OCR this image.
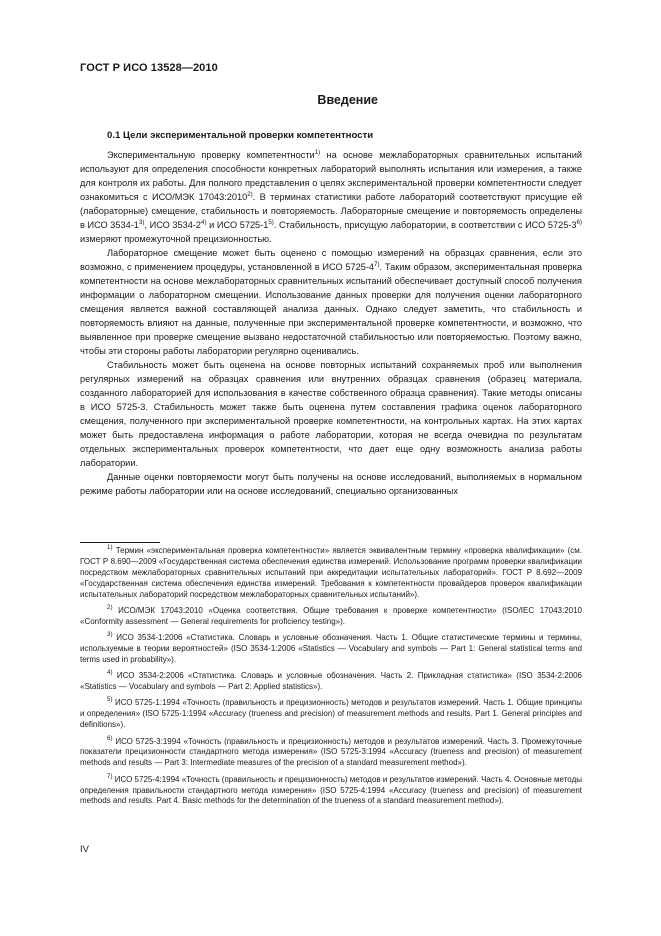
ГОСТ Р ИСО 13528—2010
Введение
0.1 Цели экспериментальной проверки компетентности

Экспериментальную проверку компетентности$^{1)}$ на основе межлабораторных сравнительных испытаний используют для определения способности конкретных лабораторий выполнять испытания или измерения, а также для контроля их работы. Для полного представления о целях экспериментальной проверки компетентности следует ознакомиться с ИСО/МЭК 17043:2010$^{2)}$. В терминах статистики работе лабораторий соответствуют присущие ей (лабораторные) смещение, стабильность и повторяемость. Лабораторные смещение и повторяемость определены в ИСО 3534-1$^{3)}$, ИСО 3534-2$^{4)}$ и ИСО 5725-1$^{5)}$. Стабильность, присущую лаборатории, в соответствии с ИСО 5725-3$^{6)}$ измеряют промежуточной прецизионностью.

Лабораторное смещение может быть оценено с помощью измерений на образцах сравнения, если это возможно, с применением процедуры, установленной в ИСО 5725-4$^{7)}$. Таким образом, экспериментальная проверка компетентности на основе межлабораторных сравнительных испытаний обеспечивает доступный способ получения информации о лабораторном смещении. Использование данных проверки для получения оценки лабораторного смещения является важной составляющей анализа данных. Однако следует заметить, что стабильность и повторяемость влияют на данные, полученные при экспериментальной проверке компетентности, и возможно, что выявленное при проверке смещение вызвано недостаточной стабильностью или повторяемостью. Поэтому важно, чтобы эти стороны работы лаборатории регулярно оценивались.

Стабильность может быть оценена на основе повторных испытаний сохраняемых проб или выполнения регулярных измерений на образцах сравнения или внутренних образцах сравнения (образец материала, созданного лабораторией для использования в качестве собственного образца сравнения). Такие методы описаны в ИСО 5725-3. Стабильность может также быть оценена путем составления графика оценок лабораторного смещения, полученного при экспериментальной проверке компетентности, на контрольных картах. На этих картах может быть предоставлена информация о работе лаборатории, которая не всегда очевидна по результатам отдельных экспериментальных проверок компетентности, что дает еще одну возможность анализа работы лаборатории.

Данные оценки повторяемости могут быть получены на основе исследований, выполняемых в нормальном режиме работы лаборатории или на основе исследований, специально организованных

$^{1)}$ Термин «экспериментальная проверка компетентности» является эквивалентным термину «проверка квалификации» (см. ГОСТ Р 8.690—2009 «Государственная система обеспечения единства измерений. Использование программ проверки квалификации посредством межлабораторных сравнительных испытаний при аккредитации испытательных лабораторий». ГОСТ Р 8.692—2009 «Государственная система обеспечения единства измерений. Требования к компетентности провайдеров проверок квалификации испытательных лабораторий посредством межлабораторных сравнительных испытаний»).

$^{2)}$ ИСО/МЭК 17043:2010 «Оценка соответствия. Общие требования к проверке компетентности» (ISO/IEC 17043:2010 «Conformity assessment — General requirements for proficiency testing»).

$^{3)}$ ИСО 3534-1:2006 «Статистика. Словарь и условные обозначения. Часть 1. Общие статистические термины и термины, используемые в теории вероятностей» (ISO 3534-1:2006 «Statistics — Vocabulary and symbols — Part 1: General statistical terms and terms used in probability»).

$^{4)}$ ИСО 3534-2:2006 «Статистика. Словарь и условные обозначения. Часть 2. Прикладная статистика» (ISO 3534-2:2006 «Statistics — Vocabulary and symbols — Part 2: Applied statistics»).

$^{5)}$ ИСО 5725-1:1994 «Точность (правильность и прецизионность) методов и результатов измерений. Часть 1. Общие принципы и определения» (ISO 5725-1:1994 «Accuracy (trueness and precision) of measurement methods and results. Part 1. General principles and definitions»).

$^{6)}$ ИСО 5725-3:1994 «Точность (правильность и прецизионность) методов и результатов измерений. Часть 3. Промежуточные показатели прецизионности стандартного метода измерения» (ISO 5725-3:1994 «Accuracy (trueness and precision) of measurement methods and results — Part 3: Intermediate measures of the precision of a standard measurement method»).

$^{7)}$ ИСО 5725-4:1994 «Точность (правильность и прецизионность) методов и результатов измерений. Часть 4. Основные методы определения правильности стандартного метода измерения» (ISO 5725-4:1994 «Accuracy (trueness and precision) of measurement methods and results. Part 4. Basic methods for the determination of the trueness of a standard measurement method»).

IV
